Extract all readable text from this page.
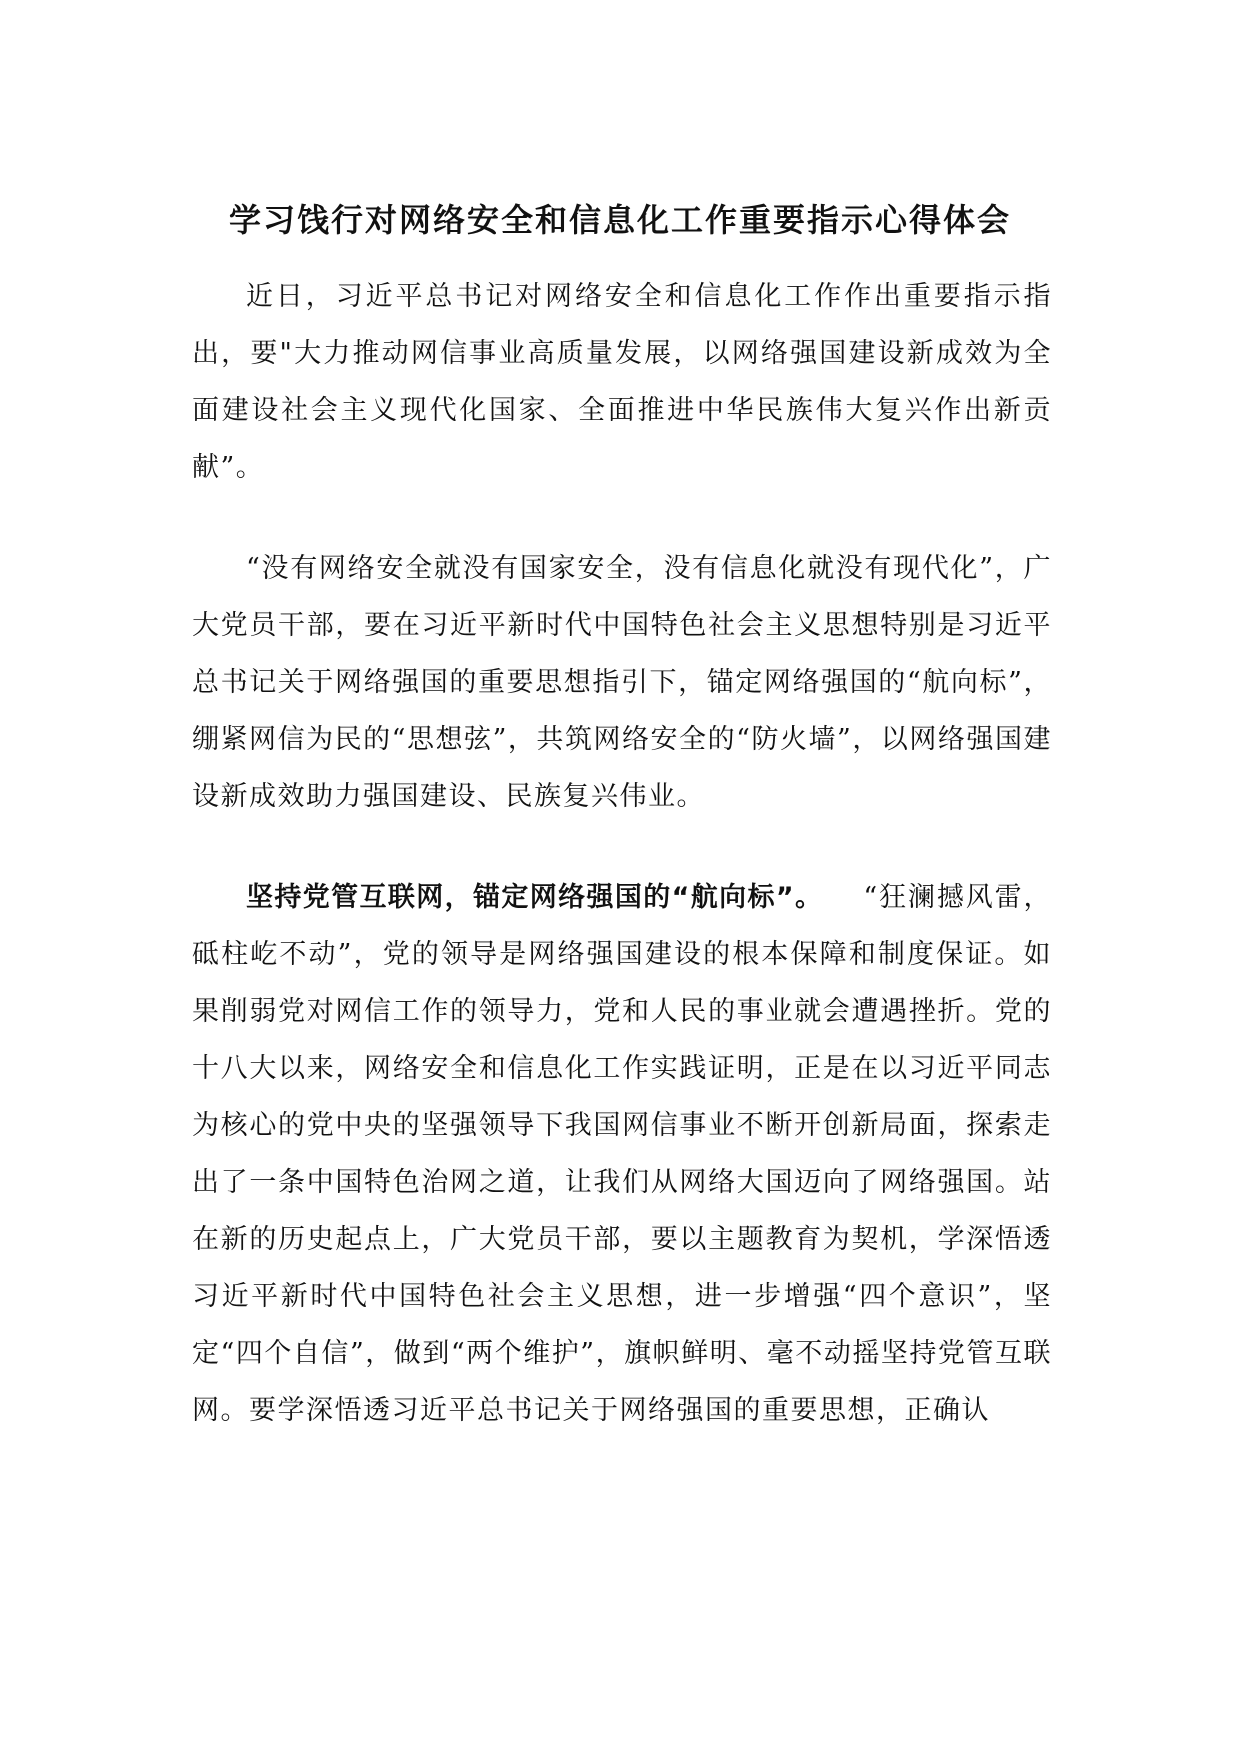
学习饯行对网络安全和信息化工作重要指示心得体会

近日，习近平总书记对网络安全和信息化工作作出重要指示指出，要"大力推动网信事业高质量发展，以网络强国建设新成效为全面建设社会主义现代化国家、全面推进中华民族伟大复兴作出新贡献”。

“没有网络安全就没有国家安全，没有信息化就没有现代化”，广大党员干部，要在习近平新时代中国特色社会主义思想特别是习近平总书记关于网络强国的重要思想指引下，锚定网络强国的“航向标”，绷紧网信为民的“思想弦”，共筑网络安全的“防火墙”，以网络强国建设新成效助力强国建设、民族复兴伟业。

坚持党管互联网，锚定网络强国的“航向标”。 “狂澜撼风雷，砥柱屹不动”，党的领导是网络强国建设的根本保障和制度保证。如果削弱党对网信工作的领导力，党和人民的事业就会遭遇挫折。党的十八大以来，网络安全和信息化工作实践证明，正是在以习近平同志为核心的党中央的坚强领导下我国网信事业不断开创新局面，探索走出了一条中国特色治网之道，让我们从网络大国迈向了网络强国。站在新的历史起点上，广大党员干部，要以主题教育为契机，学深悟透习近平新时代中国特色社会主义思想，进一步增强“四个意识”，坚定“四个自信”，做到“两个维护”，旗帜鲜明、毫不动摇坚持党管互联网。要学深悟透习近平总书记关于网络强国的重要思想，正确认
